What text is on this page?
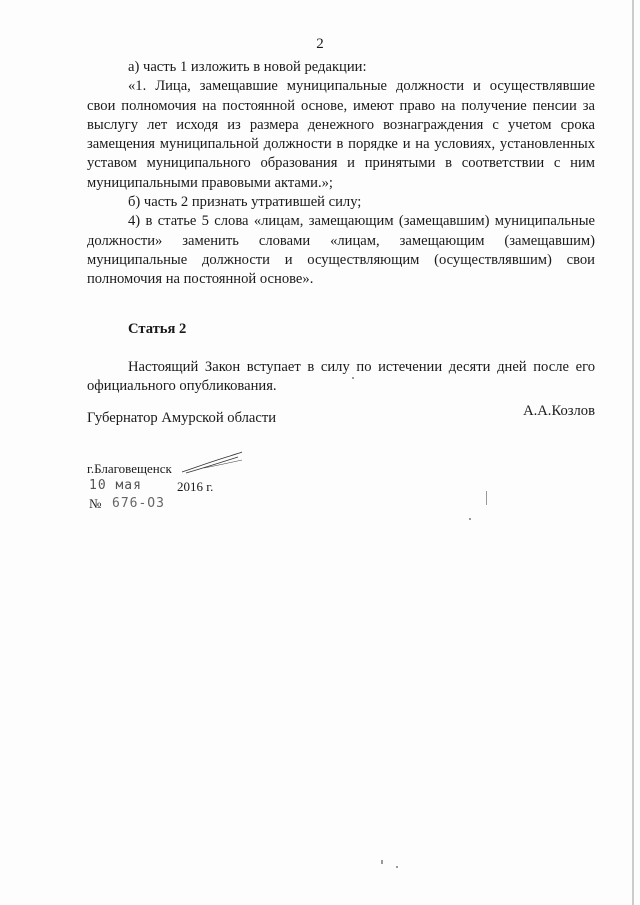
2

а) часть 1 изложить в новой редакции:

«1. Лица, замещавшие муниципальные должности и осуществлявшие свои полномочия на постоянной основе, имеют право на получение пенсии за выслугу лет исходя из размера денежного вознаграждения с учетом срока замещения муниципальной должности в порядке и на условиях, установленных уставом муниципального образования и принятыми в соответствии с ним муниципальными правовыми актами.»;

б) часть 2 признать утратившей силу;

4) в статье 5 слова «лицам, замещающим (замещавшим) муниципальные должности» заменить словами «лицам, замещающим (замещавшим) муниципальные должности и осуществляющим (осуществлявшим) свои полномочия на постоянной основе».

Статья 2

Настоящий Закон вступает в силу по истечении десяти дней после его официального опубликования.

Губернатор Амурской области	А.А.Козлов
г.Благовещенск
10 мая	2016 г.
№ 676-ОЗ
